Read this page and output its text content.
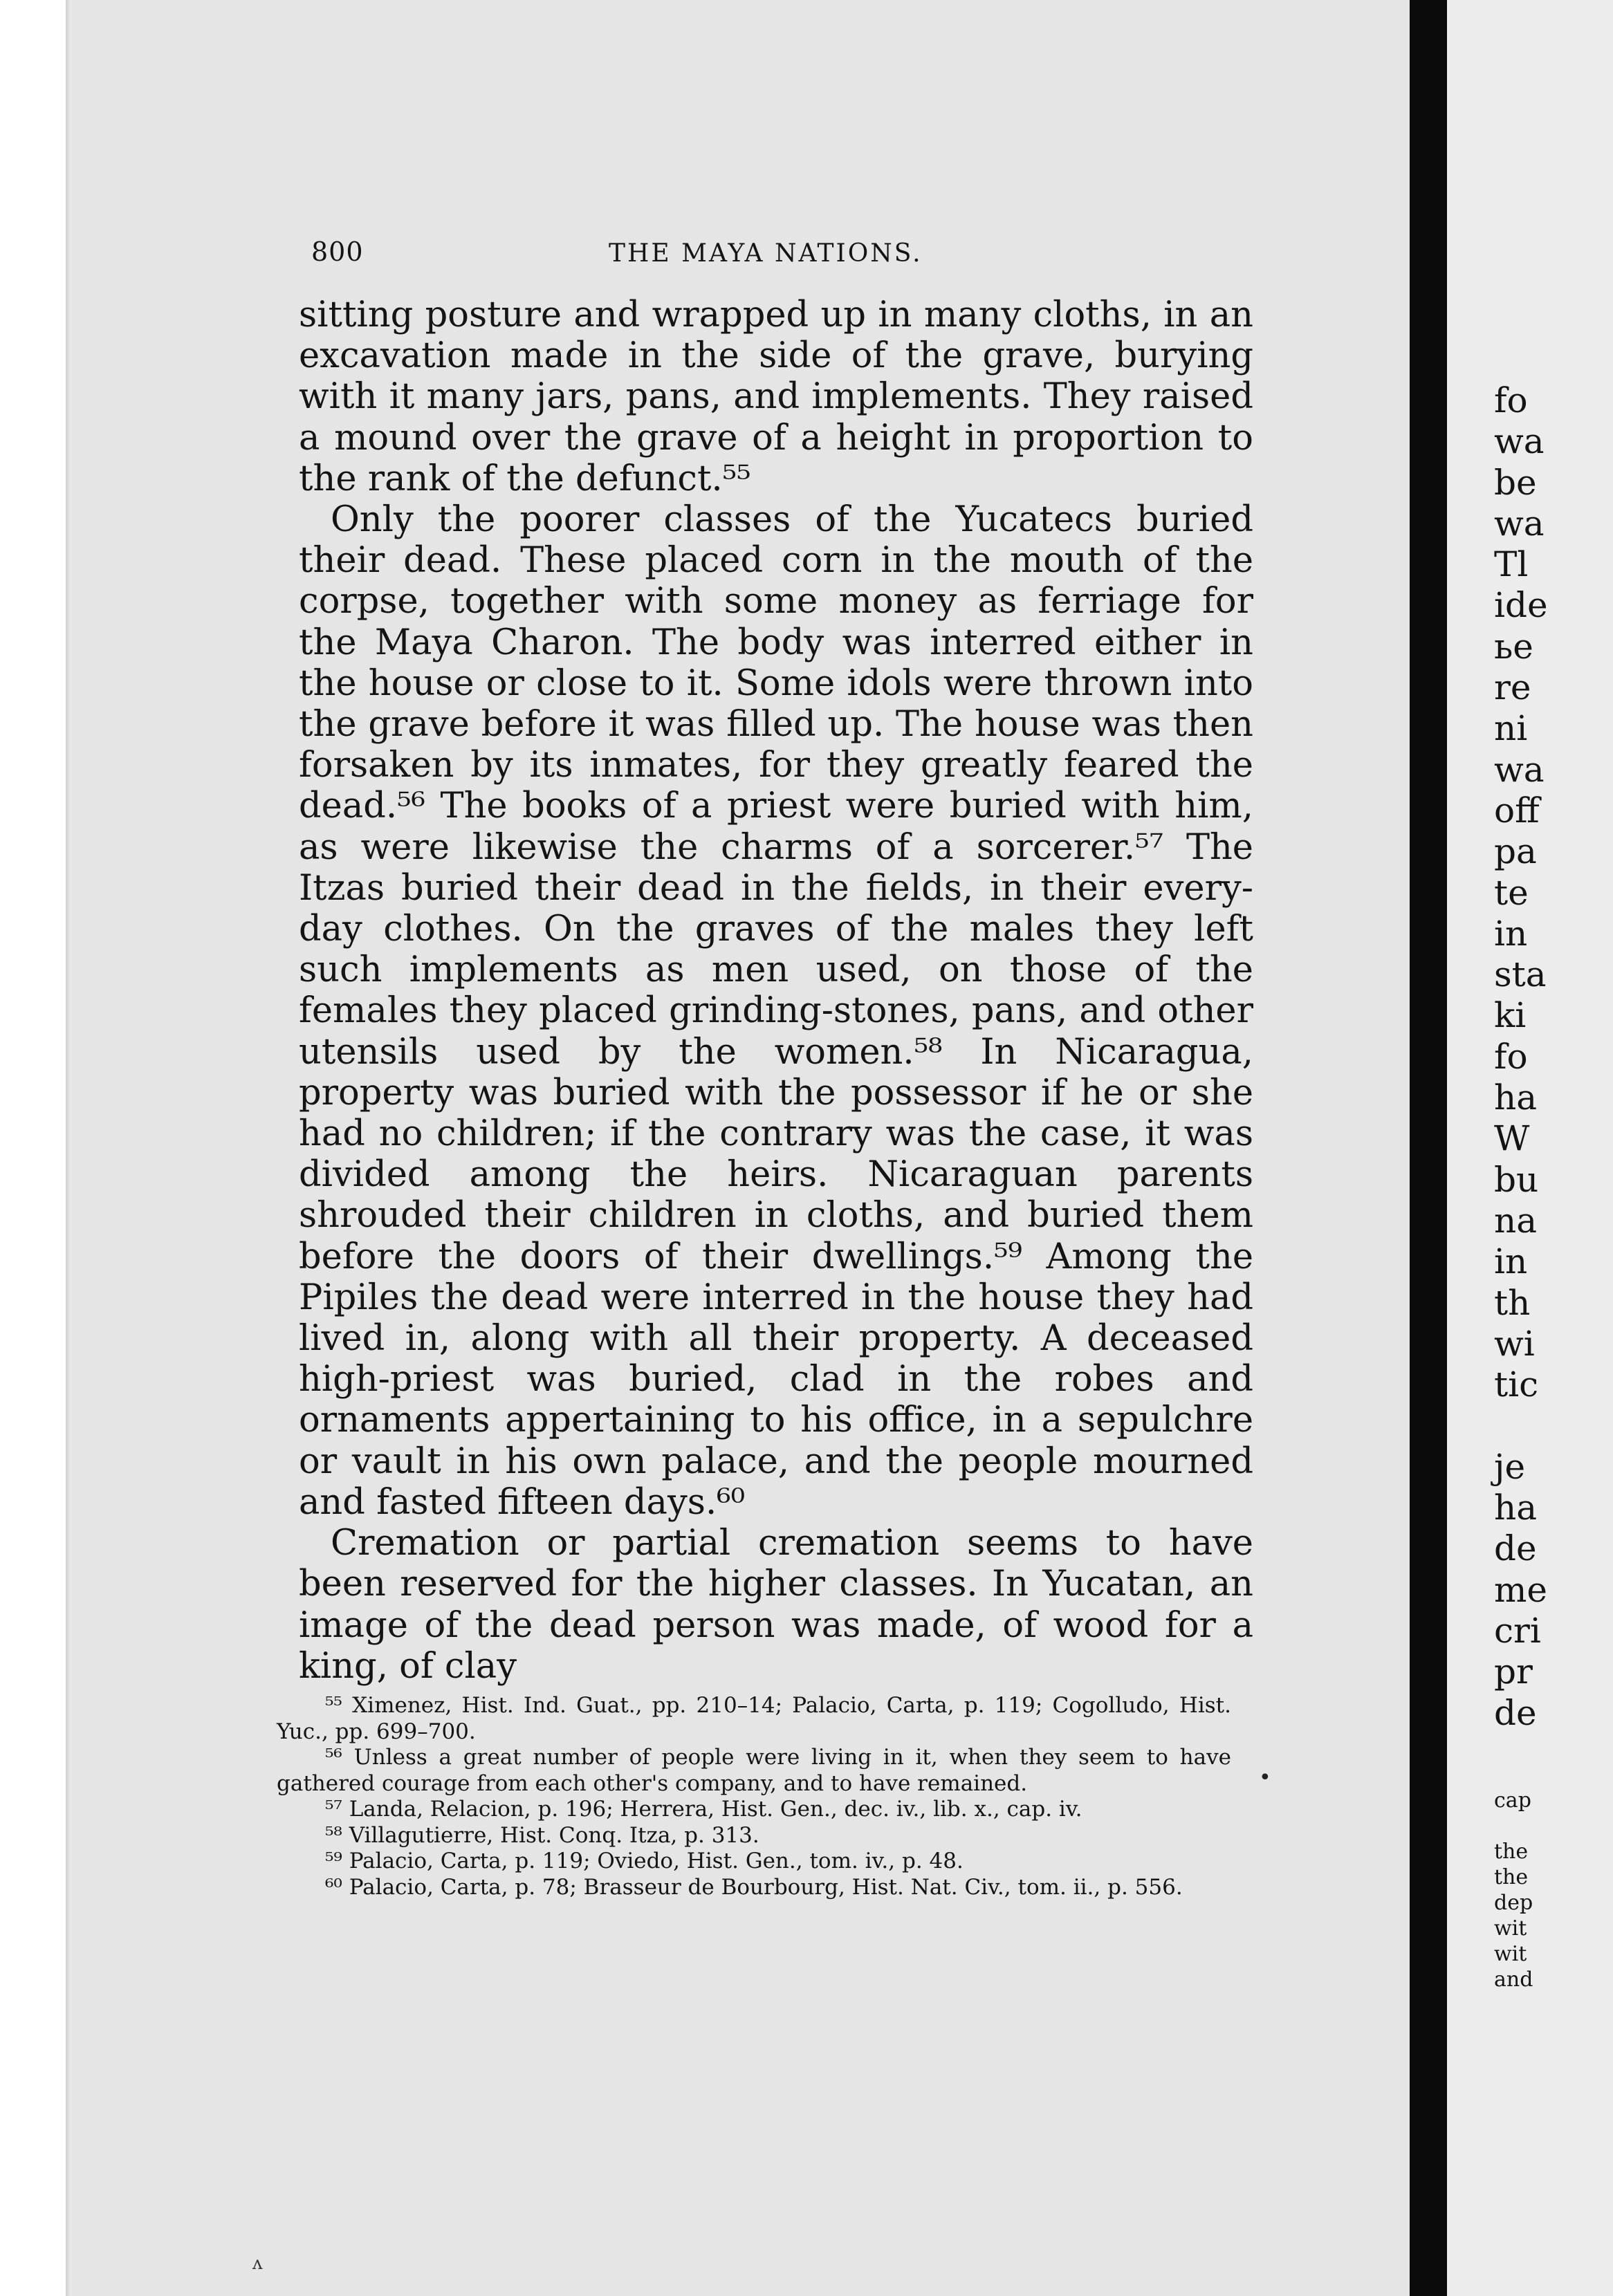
800	THE MAYA NATIONS.

sitting posture and wrapped up in many cloths, in an excavation made in the side of the grave, burying with it many jars, pans, and implements. They raised a mound over the grave of a height in proportion to the rank of the defunct.⁵⁵

Only the poorer classes of the Yucatecs buried their dead. These placed corn in the mouth of the corpse, together with some money as ferriage for the Maya Charon. The body was interred either in the house or close to it. Some idols were thrown into the grave before it was filled up. The house was then forsaken by its inmates, for they greatly feared the dead.⁵⁶ The books of a priest were buried with him, as were likewise the charms of a sorcerer.⁵⁷ The Itzas buried their dead in the fields, in their every-day clothes. On the graves of the males they left such implements as men used, on those of the females they placed grinding-stones, pans, and other utensils used by the women.⁵⁸ In Nicaragua, property was buried with the possessor if he or she had no children; if the contrary was the case, it was divided among the heirs. Nicaraguan parents shrouded their children in cloths, and buried them before the doors of their dwellings.⁵⁹ Among the Pipiles the dead were interred in the house they had lived in, along with all their property. A deceased high-priest was buried, clad in the robes and ornaments appertaining to his office, in a sepulchre or vault in his own palace, and the people mourned and fasted fifteen days.⁶⁰

Cremation or partial cremation seems to have been reserved for the higher classes. In Yucatan, an image of the dead person was made, of wood for a king, of clay

⁵⁵ Ximenez, Hist. Ind. Guat., pp. 210–14; Palacio, Carta, p. 119; Cogolludo, Hist. Yuc., pp. 699–700.

⁵⁶ Unless a great number of people were living in it, when they seem to have gathered courage from each other's company, and to have remained.

⁵⁷ Landa, Relacion, p. 196; Herrera, Hist. Gen., dec. iv., lib. x., cap. iv.

⁵⁸ Villagutierre, Hist. Conq. Itza, p. 313.

⁵⁹ Palacio, Carta, p. 119; Oviedo, Hist. Gen., tom. iv., p. 48.

⁶⁰ Palacio, Carta, p. 78; Brasseur de Bourbourg, Hist. Nat. Civ., tom. ii., p. 556.

•
ʌ
fo
wa
be
wa
Tl
ide
ьe
re
ni
wa
off
pa
te
in
sta
ki
fo
ha
W
bu
na
in
th
wi
tic

je
ha
de
me
cri
pr
de
cap

the
the
dep
wit
wit
and
